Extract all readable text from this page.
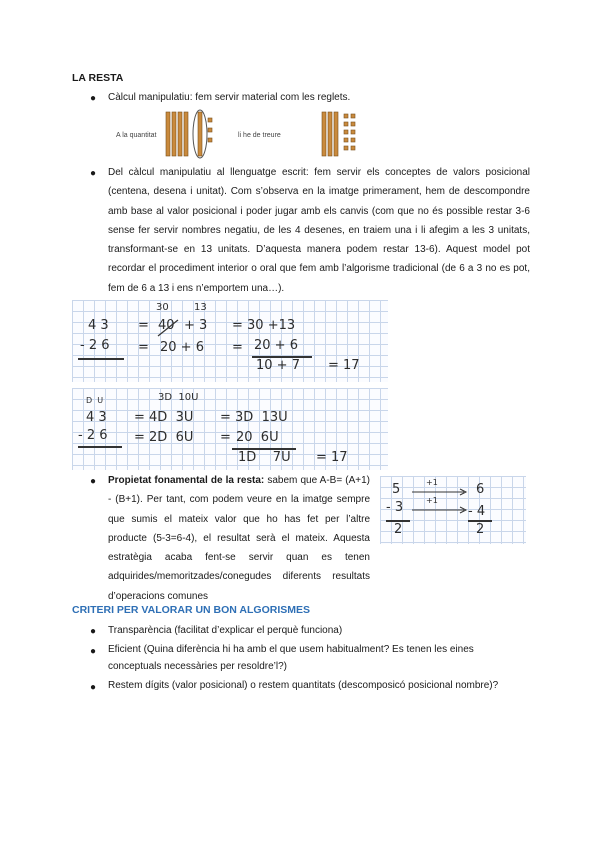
LA RESTA
● Càlcul manipulatiu: fem servir material com les reglets.
A la quantitat	li he de treure
● Del càlcul manipulatiu al llenguatge escrit: fem servir els conceptes de valors posicional (centena, desena i unitat). Com s’observa en la imatge primerament, hem de descompondre amb base al valor posicional i poder jugar amb els canvis (com que no és possible restar 3-6 sense fer servir nombres negatiu, de les 4 desenes, en traiem una i li afegim a les 3 unitats, transformant-se en 13 unitats. D’aquesta manera podem restar 13-6). Aquest model pot recordar el procediment interior o oral que fem amb l’algorisme tradicional (de 6 a 3 no es pot, fem de 6 a 13 i ens n’emportem una…).
30	13
4 3 = 40 + 3 = 30 +13
- 2 6 = 20 + 6 = 20 + 6
10 + 7 = 17
D  U	3D  10U
4 3 = 4D  3U = 3D  13U
- 2 6 = 2D  6U = 20  6U
1D    7U = 17
● Propietat fonamental de la resta: sabem que A-B= (A+1) - (B+1). Per tant, com podem veure en la imatge sempre que sumis el mateix valor que ho has fet per l’altre producte (5-3=6-4), el resultat serà el mateix. Aquesta estratègia acaba fent-se servir quan es tenen adquirides/memoritzades/conegudes diferents resultats d’operacions comunes
5
- 3
2
6
- 4
2
+1
+1
CRITERI PER VALORAR UN BON ALGORISMES
● Transparència (facilitat d’explicar el perquè funciona)
● Eficient (Quina diferència hi ha amb el que usem habitualment? Es tenen les eines conceptuals necessàries per resoldre’l?)
● Restem dígits (valor posicional) o restem quantitats (descomposicó posicional nombre)?
